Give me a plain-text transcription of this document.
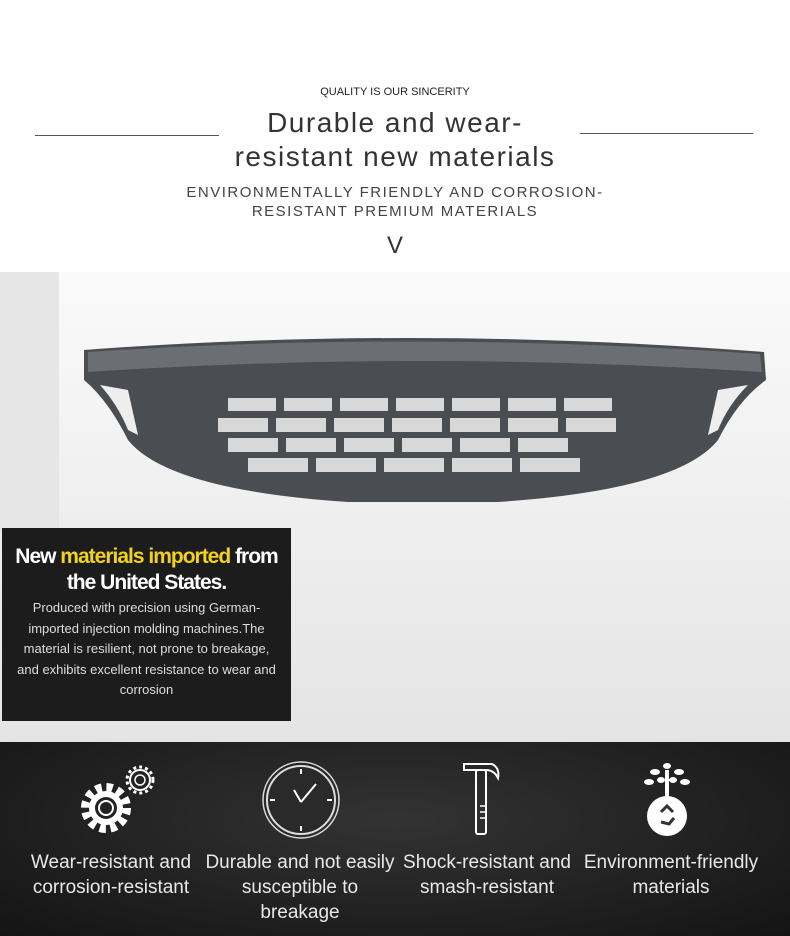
QUALITY IS OUR SINCERITY
Durable and wear-
resistant new materials
ENVIRONMENTALLY FRIENDLY AND CORROSION-
RESISTANT PREMIUM MATERIALS
V
New materials imported from
the United States.

Produced with precision using German-imported injection molding machines.The material is resilient, not prone to breakage, and exhibits excellent resistance to wear and corrosion

Wear-resistant and corrosion-resistant
Durable and not easily susceptible to breakage
Shock-resistant and smash-resistant
Environment-friendly materials
